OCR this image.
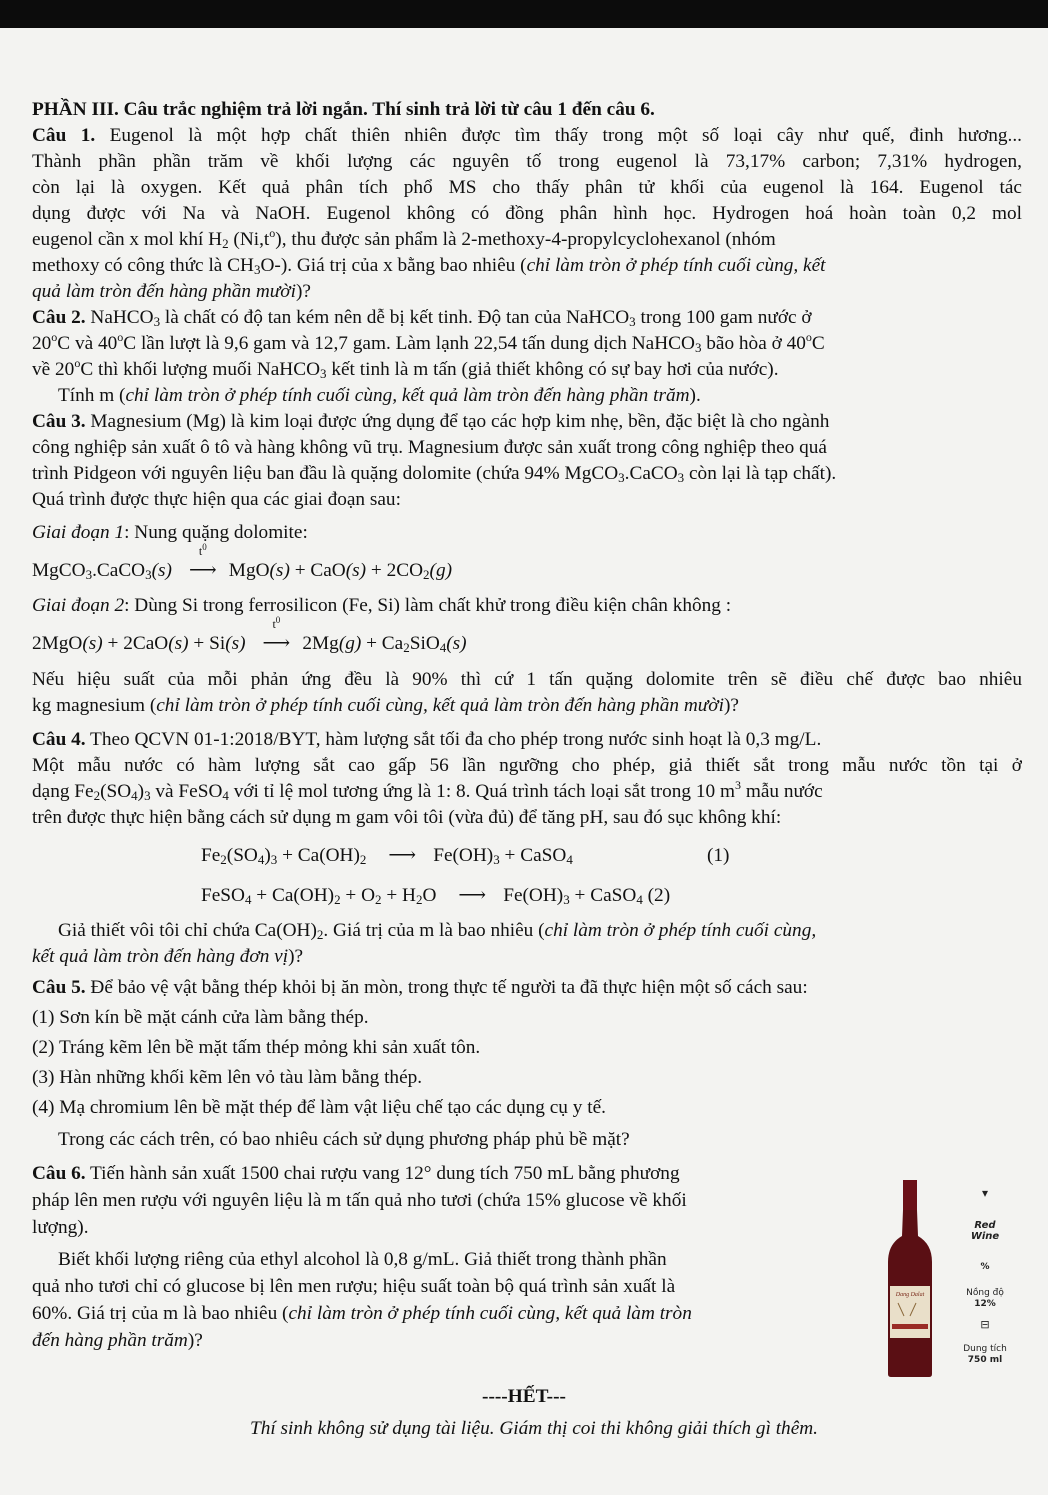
PHẦN III. Câu trắc nghiệm trả lời ngắn. Thí sinh trả lời từ câu 1 đến câu 6.
Câu 1. Eugenol là một hợp chất thiên nhiên được tìm thấy trong một số loại cây như quế, đinh hương...
Thành phần phần trăm về khối lượng các nguyên tố trong eugenol là 73,17% carbon; 7,31% hydrogen,
còn lại là oxygen. Kết quả phân tích phổ MS cho thấy phân tử khối của eugenol là 164. Eugenol tác
dụng được với Na và NaOH. Eugenol không có đồng phân hình học. Hydrogen hoá hoàn toàn 0,2 mol
eugenol cần x mol khí $H_2$ $(Ni,t^o)$, thu được sản phẩm là 2-methoxy-4-propylcyclohexanol (nhóm
methoxy có công thức là $CH_3O-$). Giá trị của x bằng bao nhiêu (chỉ làm tròn ở phép tính cuối cùng, kết
quả làm tròn đến hàng phần mười)?
Câu 2. NaHCO$_3$ là chất có độ tan kém nên dễ bị kết tinh. Độ tan của NaHCO$_3$ trong 100 gam nước ở
20$^o$C và 40$^o$C lần lượt là 9,6 gam và 12,7 gam. Làm lạnh 22,54 tấn dung dịch NaHCO$_3$ bão hòa ở 40$^o$C
về 20$^o$C thì khối lượng muối NaHCO$_3$ kết tinh là m tấn (giả thiết không có sự bay hơi của nước).
Tính m (chỉ làm tròn ở phép tính cuối cùng, kết quả làm tròn đến hàng phần trăm).
Câu 3. Magnesium (Mg) là kim loại được ứng dụng để tạo các hợp kim nhẹ, bền, đặc biệt là cho ngành
công nghiệp sản xuất ô tô và hàng không vũ trụ. Magnesium được sản xuất trong công nghiệp theo quá
trình Pidgeon với nguyên liệu ban đầu là quặng dolomite (chứa 94% MgCO$_3$.CaCO$_3$ còn lại là tạp chất).
Quá trình được thực hiện qua các giai đoạn sau:
Giai đoạn 1: Nung quặng dolomite:
MgCO$_3$.CaCO$_3$(s)
$t^0$
⟶ $MgO(s) + CaO(s) + 2CO_2(g)$
Giai đoạn 2: Dùng Si trong ferrosilicon (Fe, Si) làm chất khử trong điều kiện chân không :
2MgO(s) + 2CaO(s) + Si(s)
$t^0$
⟶ $2Mg(g) + Ca_2SiO_4(s)$
Nếu hiệu suất của mỗi phản ứng đều là 90% thì cứ 1 tấn quặng dolomite trên sẽ điều chế được bao nhiêu
kg magnesium (chỉ làm tròn ở phép tính cuối cùng, kết quả làm tròn đến hàng phần mười)?
Câu 4. Theo QCVN 01-1:2018/BYT, hàm lượng sắt tối đa cho phép trong nước sinh hoạt là 0,3 mg/L.
Một mẫu nước có hàm lượng sắt cao gấp 56 lần ngưỡng cho phép, giả thiết sắt trong mẫu nước tồn tại ở
dạng $Fe_2(SO_4)_3$ và FeSO$_4$ với tỉ lệ mol tương ứng là 1: 8. Quá trình tách loại sắt trong 10 $m^3$ mẫu nước
trên được thực hiện bằng cách sử dụng m gam vôi tôi (vừa đủ) để tăng pH, sau đó sục không khí:
$Fe_2(SO_4)_3 + Ca(OH)_2$ ⟶ $Fe(OH)_3$ + CaSO$_4$	(1)
FeSO$_4$ + $Ca(OH)_2 + O_2 + H_2O$ ⟶ $Fe(OH)_3$ + CaSO$_4$ (2)
Giả thiết vôi tôi chỉ chứa $Ca(OH)_2$. Giá trị của m là bao nhiêu (chỉ làm tròn ở phép tính cuối cùng,
kết quả làm tròn đến hàng đơn vị)?
Câu 5. Để bảo vệ vật bằng thép khỏi bị ăn mòn, trong thực tế người ta đã thực hiện một số cách sau:
(1) Sơn kín bề mặt cánh cửa làm bằng thép.
(2) Tráng kẽm lên bề mặt tấm thép mỏng khi sản xuất tôn.
(3) Hàn những khối kẽm lên vỏ tàu làm bằng thép.
(4) Mạ chromium lên bề mặt thép để làm vật liệu chế tạo các dụng cụ y tế.
Trong các cách trên, có bao nhiêu cách sử dụng phương pháp phủ bề mặt?
Câu 6. Tiến hành sản xuất 1500 chai rượu vang 12° dung tích 750 mL bằng phương
pháp lên men rượu với nguyên liệu là m tấn quả nho tươi (chứa 15% glucose về khối
lượng).
Biết khối lượng riêng của ethyl alcohol là 0,8 g/mL. Giả thiết trong thành phần
quả nho tươi chỉ có glucose bị lên men rượu; hiệu suất toàn bộ quá trình sản xuất là
60%. Giá trị của m là bao nhiêu (chỉ làm tròn ở phép tính cuối cùng, kết quả làm tròn
đến hàng phần trăm)?
Dang Dalat
▾
Red
Wine
%
Nồng độ
12%
⊟
Dung tích
750 ml
----HẾT---
Thí sinh không sử dụng tài liệu. Giám thị coi thi không giải thích gì thêm.
